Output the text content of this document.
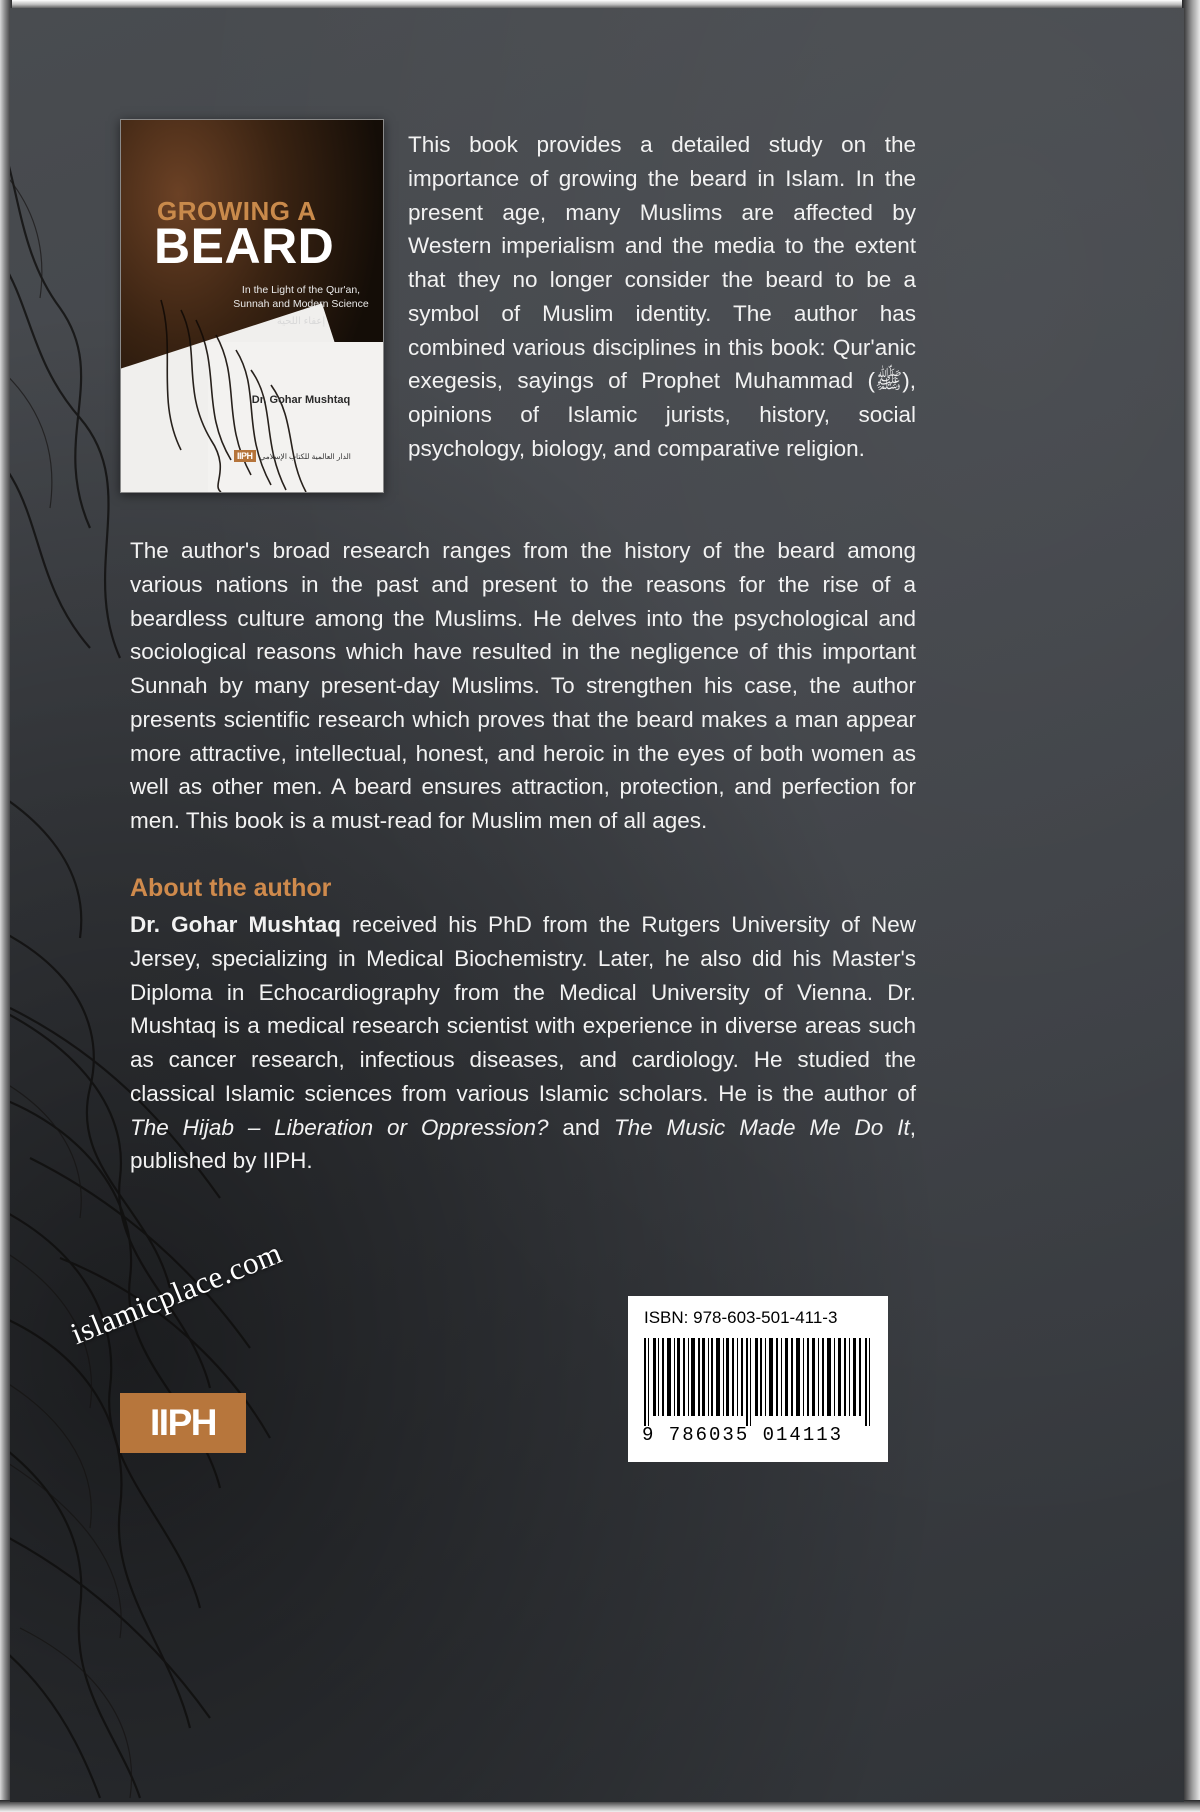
GROWING A
BEARD
In the Light of the Qur'an, Sunnah and Modern Science
إعفاء اللحية
Dr. Gohar Mushtaq
IIPH الدار العالمية للكتاب الإسلامي
This book provides a detailed study on the importance of growing the beard in Islam. In the present age, many Muslims are affected by Western imperialism and the media to the extent that they no longer consider the beard to be a symbol of Muslim identity. The author has combined various disciplines in this book: Qur'anic exegesis, sayings of Prophet Muhammad (ﷺ), opinions of Islamic jurists, history, social psychology, biology, and comparative religion.
The author's broad research ranges from the history of the beard among various nations in the past and present to the reasons for the rise of a beardless culture among the Muslims. He delves into the psychological and sociological reasons which have resulted in the negligence of this important Sunnah by many present-day Muslims. To strengthen his case, the author presents scientific research which proves that the beard makes a man appear more attractive, intellectual, honest, and heroic in the eyes of both women as well as other men. A beard ensures attraction, protection, and perfection for men. This book is a must-read for Muslim men of all ages.
About the author
Dr. Gohar Mushtaq received his PhD from the Rutgers University of New Jersey, specializing in Medical Biochemistry. Later, he also did his Master's Diploma in Echocardiography from the Medical University of Vienna. Dr. Mushtaq is a medical research scientist with experience in diverse areas such as cancer research, infectious diseases, and cardiology. He studied the classical Islamic sciences from various Islamic scholars. He is the author of The Hijab – Liberation or Oppression? and The Music Made Me Do It, published by IIPH.
islamicplace.com
IIPH
ISBN: 978-603-501-411-3
9 786035 014113
